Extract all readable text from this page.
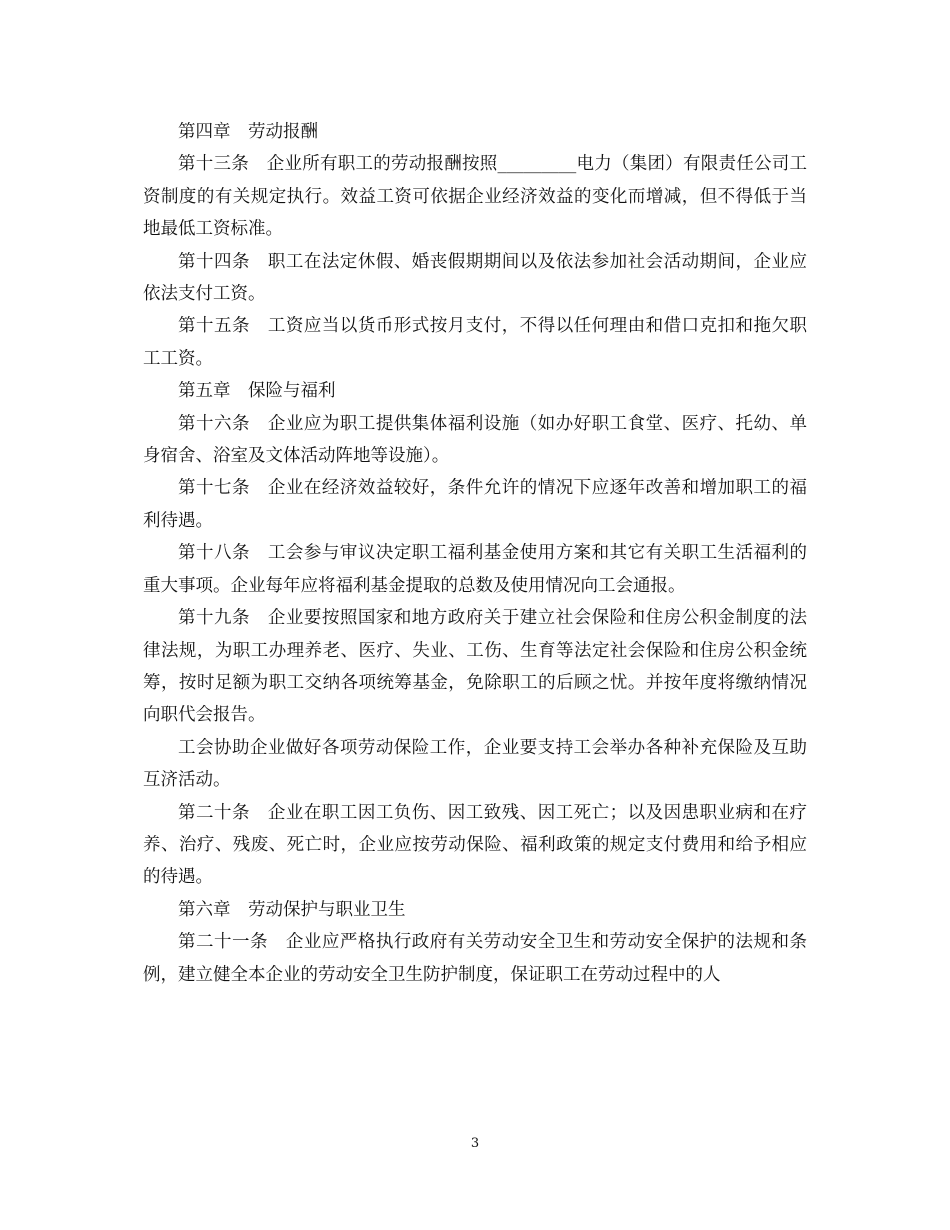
第四章　劳动报酬

第十三条　企业所有职工的劳动报酬按照_________电力（集团）有限责任公司工资制度的有关规定执行。效益工资可依据企业经济效益的变化而增减，但不得低于当地最低工资标准。

第十四条　职工在法定休假、婚丧假期期间以及依法参加社会活动期间，企业应依法支付工资。

第十五条　工资应当以货币形式按月支付，不得以任何理由和借口克扣和拖欠职工工资。

第五章　保险与福利

第十六条　企业应为职工提供集体福利设施（如办好职工食堂、医疗、托幼、单身宿舍、浴室及文体活动阵地等设施）。

第十七条　企业在经济效益较好，条件允许的情况下应逐年改善和增加职工的福利待遇。

第十八条　工会参与审议决定职工福利基金使用方案和其它有关职工生活福利的重大事项。企业每年应将福利基金提取的总数及使用情况向工会通报。

第十九条　企业要按照国家和地方政府关于建立社会保险和住房公积金制度的法律法规，为职工办理养老、医疗、失业、工伤、生育等法定社会保险和住房公积金统筹，按时足额为职工交纳各项统筹基金，免除职工的后顾之忧。并按年度将缴纳情况向职代会报告。

工会协助企业做好各项劳动保险工作，企业要支持工会举办各种补充保险及互助互济活动。

第二十条　企业在职工因工负伤、因工致残、因工死亡；以及因患职业病和在疗养、治疗、残废、死亡时，企业应按劳动保险、福利政策的规定支付费用和给予相应的待遇。

第六章　劳动保护与职业卫生

第二十一条　企业应严格执行政府有关劳动安全卫生和劳动安全保护的法规和条例，建立健全本企业的劳动安全卫生防护制度，保证职工在劳动过程中的人

3
